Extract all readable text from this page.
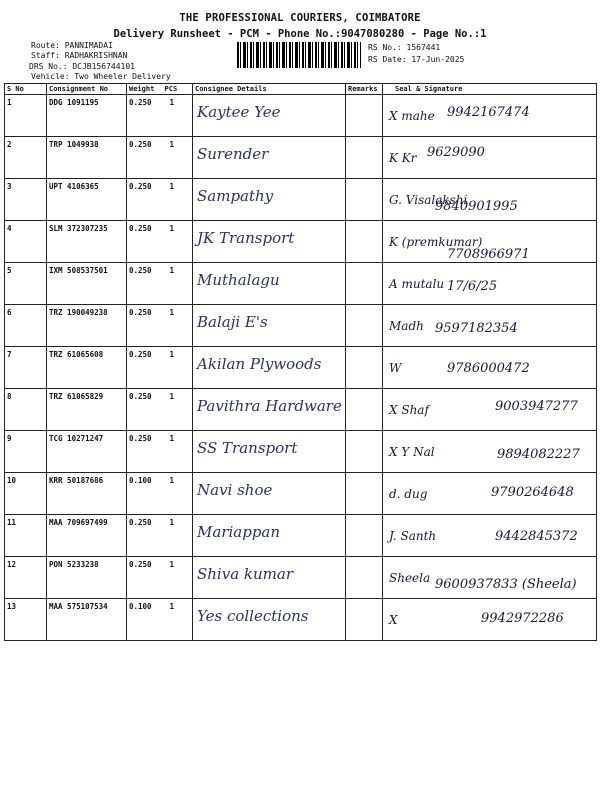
THE PROFESSIONAL COURIERS, COIMBATORE
Delivery Runsheet - PCM - Phone No.:9047080280 - Page No.:1
Route: PANNIMADAI
Staff: RADHAKRISHNAN
DRS No.: DCJB156744101
Vehicle: Two Wheeler Delivery
RS No.: 1567441
RS Date: 17-Jun-2025
S No	Consignment No	Weight PCS	Consignee Details	Remarks	Seal & Signature

1	DDG 1091195	0.250 1	Kaytee Yee		X mahe 9942167474

2	TRP 1049938	0.250 1	Surender		K Kr 9629090

3	UPT 4106365	0.250 1	Sampathy		G. Visalakshi
9840901995

4	SLM 372307235	0.250 1	JK Transport		K (premkumar)
7708966971

5	IXM 508537501	0.250 1	Muthalagu		A mutalu 17/6/25

6	TRZ 190049238	0.250 1	Balaji E's		Madh 9597182354

7	TRZ 61065608	0.250 1	Akilan Plywoods		W 9786000472

8	TRZ 61065829	0.250 1	Pavithra Hardware		X Shaf 9003947277

9	TCG 10271247	0.250 1	SS Transport		X Y Nal 9894082227

10	KRR 50187686	0.100 1	Navi shoe		d. dug 9790264648

11	MAA 709697499	0.250 1	Mariappan		J. Santh 9442845372

12	PON 5233238	0.250 1	Shiva kumar		Sheela 9600937833 (Sheela)

13	MAA 575107534	0.100 1	Yes collections		X 9942972286
